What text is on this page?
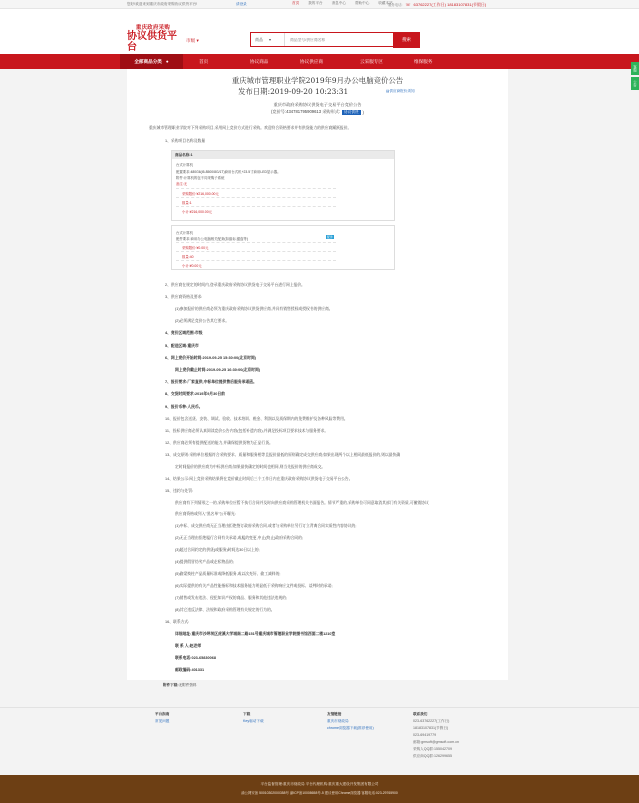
您好!欢迎来到重庆市政府采购协议供货平台!	请登录	首页	我的平台	消息中心	帮助中心	收藏本站
服务电话: ☏ 63762227(工作日) 18183107831(节假日)
重庆政府采购
协议供货平台
市级 ▾	商品 ▾
商品型号/供应商名称	搜索
全部商品分类 ●	首页	协议商品	协议供应商	云采服专区	维保服务
客服
公告
重庆城市管理职业学院2019年9月办公电脑竞价公告
发布日期:2019-09-20 10:23:31	▤供应商报价须知
重庆市政府采购协议供货电子交易平台竞价公告
(竞价号:434781795909613 采购形式:	协议供货 )
重庆城市管理职业学院对下列采购项目,采用网上竞价方式进行采购。欢迎符合资格要求并有供货能力的供应商踊跃报价。
1、采购项目名称及数量
商品名称:1
台式计算机
配置要求:480G6(i5-8500/8G/1T)商用台式机+23.5寸商用LED显示器。
附件:计算机的包不同采购子系统
备注:无
采购限价:¥216,000.00元
数量:1
小计:¥216,000.00元
台式计算机
配件要求:商用办公电脑相关配套(如鼠标,键盘等)	配件
采购限价:¥0.00元
数量:40
小计:¥0.00元
2、供应商在规定的时间内,登录重庆政府采购协议供货电子交易平台进行网上报价。
3、供应商资格及要求:
(1)参加报价的供应商必须为重庆政府采购协议供货供应商,并具有销售授权或授权书的供应商。
(2)必须满足竞价公告其它要求。
4、竞价区域范围:市级
5、配送区域:重庆市
6、网上竞价开始时间:2019-09-25 15:30:00(北京时间)
网上竞价截止时间:2019-09-25 16:30:00(北京时间)
7、报价要求:厂家直供,中标单位提供售后服务承诺函。
8、交货时间要求:2019年9月30日前
9、报价币种:人民币。
10、报价包含送货、安装、调试、验收、技术培训、税金、利润以及质保期内的免费维护及各种风险等费用。
11、投标供应商必须认真阅读竞价公告内容(包括补遗内容),并满足投标项目要求技术与服务要求。
12、供应商必须有提供配送的能力,并确保提供货物为正品行货。
13、成交原则:采购单位根据符合采购要求、质量和服务相等且报价最低的原则确定成交供应商;如果出现两个以上相同最低报价的,则以最快确
定时间报价的供应商为中标供应商;如果最快确定的时间也相同,则当先报价的供应商成交。
14、结果公示:网上竞价采购结果将在竞价截止时间后三个工作日内在重庆政府采购协议供货电子交易平台公告。
15、违约与处罚:
供应商有下列情形之一的,采购单位应暂不执行合同并及时向供应商采购管理机关书面报告。情节严重的,采购单位可同意取消其部门有关资质,可撤销协议
供应商资格或列入"黑名单"公开曝光:
(1)中标、成交供应商无正当理由拒绝签订政府采购合同,或者与采购单位另行订立背离合同实质性内容协议的;
(2)无正当理由拒绝履行合同有关承诺,或履约变更,中止(终止)政府采购合同的;
(3)超过合同约定的供货(或服务)时间达30日以上的;
(4)提供假冒伪劣产品或走私物品的;
(5)偷梁换柱产品质量标准或降低服务,或以次充好、偷工减料的;
(6)实际提供的有关产品性能指标和技术服务能力明显低于采购响应文件或投标、谈判时的承诺;
(7)销售或发布违法、侵犯知识产权的商品、服务和其他违法违规的;
(8)其它违反法律、法规和政府采购管理有关规定的行为的。
16、联系方式:
详细地址:重庆市沙坪坝区虎溪大学城南二路151号重庆城市管理职业学院图书馆西面二楼1210室
联 系 人:赵老师
联系电话:023-65830068
邮政编码:401331
附件下载:无附件资料
平台指南
常见问题
下载
Key驱动下载
友情链接
重庆市财政局
chrome浏览器下载(推荐使用)
联系我们
023-63762227(工作日)
18183107831(节假日)
023-69419779
邮箱:gmsoft@gmsoft.com.cn
采购人QQ群:155042709
供应商QQ群:126299655
平台监督管理:重庆市财政局 平台代理机构:重庆重大建设开发集团有限公司
渝公网安备 50010302000358号 渝ICP备10008658号-5 建议使用Chrome浏览器 客服电话:023-29765900
